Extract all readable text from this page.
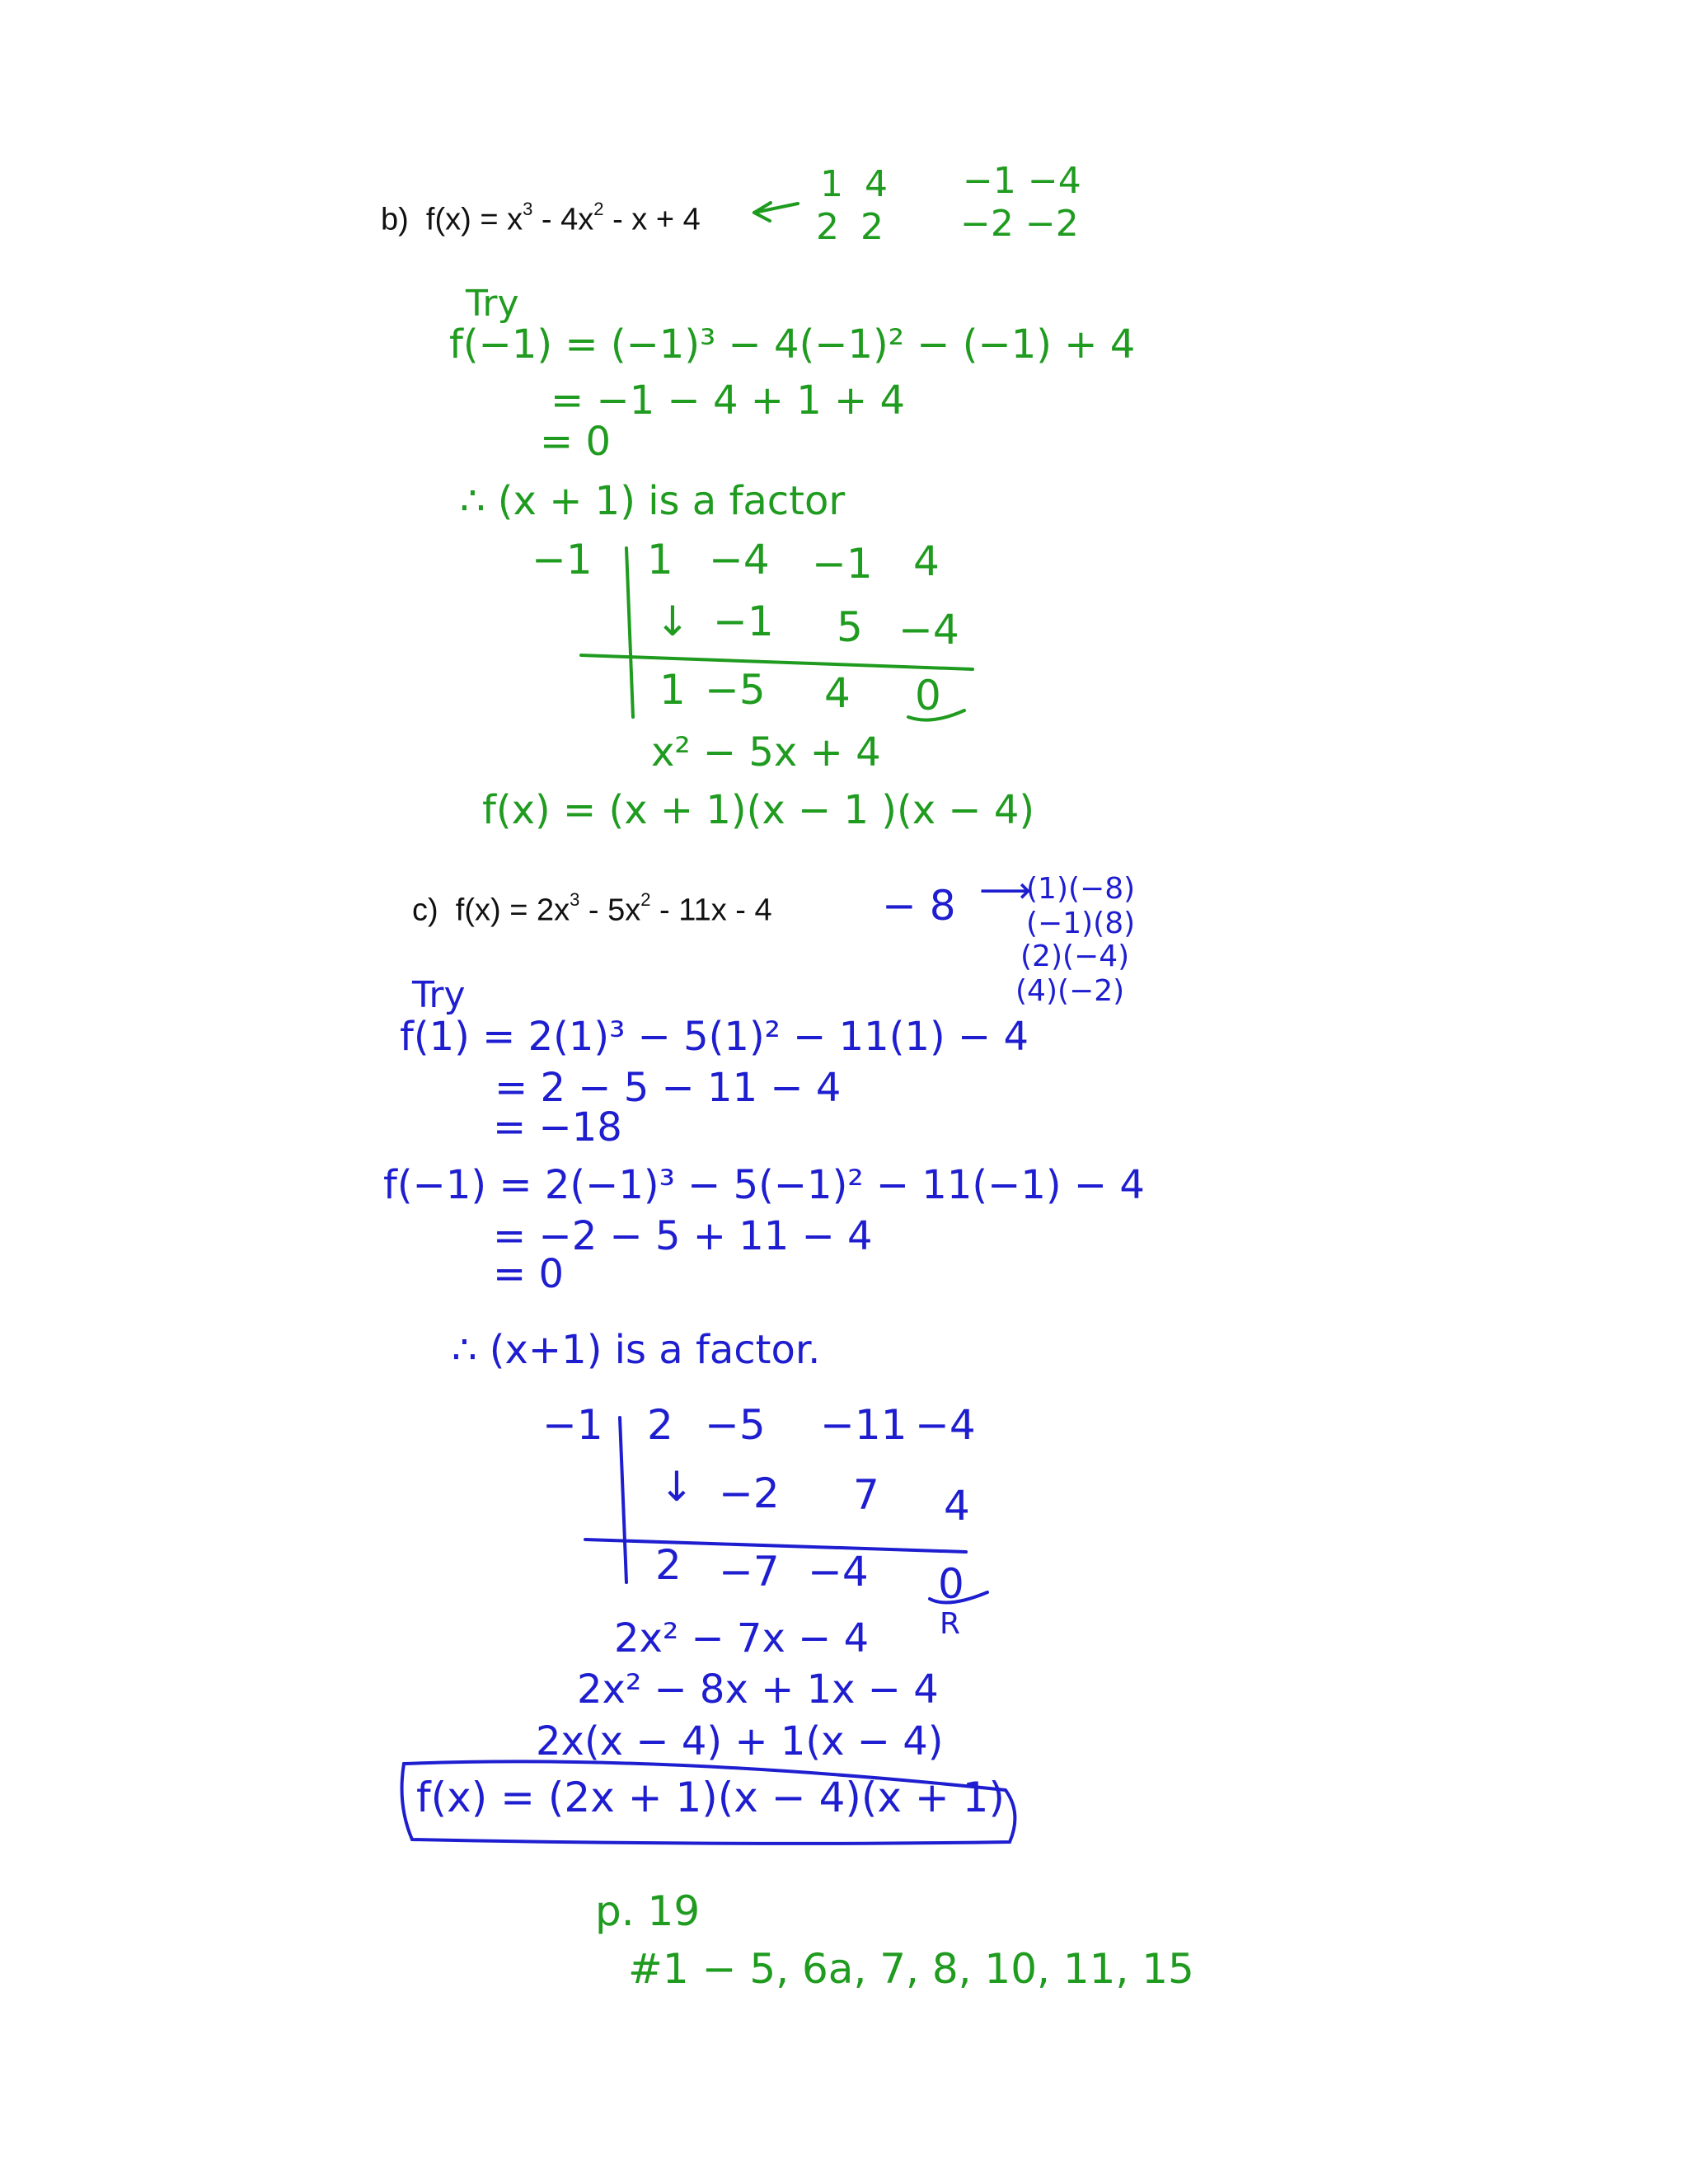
b) $f(x) = x^3 - 4x^2 - x + 4$
1 4
2 2
−1 −4
−2 −2
Try
f(−1) = (−1)³ − 4(−1)² − (−1) + 4
= −1 − 4 + 1 + 4
= 0
∴ (x + 1) is a factor
−1 1 −4 −1 4
↓ −1 5 −4
1 −5 4 0
x² − 5x + 4
f(x) = (x + 1)(x − 1 )(x − 4)
c) $f(x) = 2x^3 - 5x^2 - 11x - 4$	− 8 ⟶
(1)(−8)
(−1)(8)
(2)(−4)
(4)(−2)
Try
f(1) = 2(1)³ − 5(1)² − 11(1) − 4
= 2 − 5 − 11 − 4
= −18
f(−1) = 2(−1)³ − 5(−1)² − 11(−1) − 4
= −2 − 5 + 11 − 4
= 0
∴ (x+1) is a factor.
−1 2 −5 −11 −4
↓ −2 7 4
2 −7 −4 0
R
2x² − 7x − 4
2x² − 8x + 1x − 4
2x(x − 4) + 1(x − 4)
f(x) = (2x + 1)(x − 4)(x + 1)
p. 19
#1 − 5, 6a, 7, 8, 10, 11, 15
